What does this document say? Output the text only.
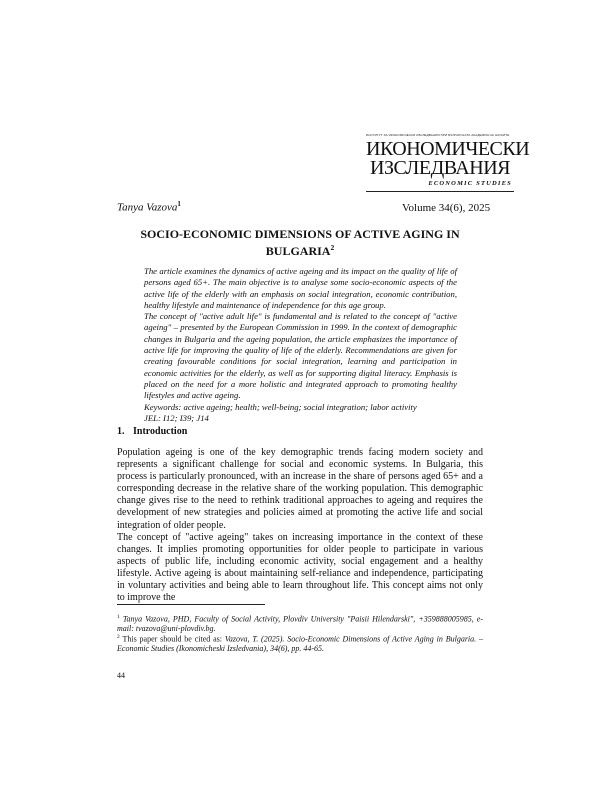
ИНСТИТУТ ЗА ИКОНОМИЧЕСКИ ИЗСЛЕДВАНИЯ ПРИ БЪЛГАРСКАТА АКАДЕМИЯ НА НАУКИТЕ
ИКОНОМИЧЕСКИ
ИЗСЛЕДВАНИЯ
ECONOMIC STUDIES
Tanya Vazova$^1$	Volume 34(6), 2025
SOCIO-ECONOMIC DIMENSIONS OF ACTIVE AGING IN BULGARIA$^2$

The article examines the dynamics of active ageing and its impact on the quality of life of persons aged 65+. The main objective is to analyse some socio-economic aspects of the active life of the elderly with an emphasis on social integration, economic contribution, healthy lifestyle and maintenance of independence for this age group.

The concept of "active adult life" is fundamental and is related to the concept of "active ageing" – presented by the European Commission in 1999. In the context of demographic changes in Bulgaria and the ageing population, the article emphasizes the importance of active life for improving the quality of life of the elderly. Recommendations are given for creating favourable conditions for social integration, learning and participation in economic activities for the elderly, as well as for supporting digital literacy. Emphasis is placed on the need for a more holistic and integrated approach to promoting healthy lifestyles and active ageing.

Keywords: active ageing; health; well-being; social integration; labor activity

JEL: I12; I39; J14

1. Introduction

Population ageing is one of the key demographic trends facing modern society and represents a significant challenge for social and economic systems. In Bulgaria, this process is particularly pronounced, with an increase in the share of persons aged 65+ and a corresponding decrease in the relative share of the working population. This demographic change gives rise to the need to rethink traditional approaches to ageing and requires the development of new strategies and policies aimed at promoting the active life and social integration of older people.

The concept of "active ageing" takes on increasing importance in the context of these changes. It implies promoting opportunities for older people to participate in various aspects of public life, including economic activity, social engagement and a healthy lifestyle. Active ageing is about maintaining self-reliance and independence, participating in voluntary activities and being able to learn throughout life. This concept aims not only to improve the

$^1$ Tanya Vazova, PHD, Faculty of Social Activity, Plovdiv University "Paisii Hilendarski", +359888005985, e-mail: tvazova@uni-plovdiv.bg.

$^2$ This paper should be cited as: Vazova, T. (2025). Socio-Economic Dimensions of Active Aging in Bulgaria. – Economic Studies (Ikonomicheski Izsledvania), 34(6), pp. 44-65.

44
